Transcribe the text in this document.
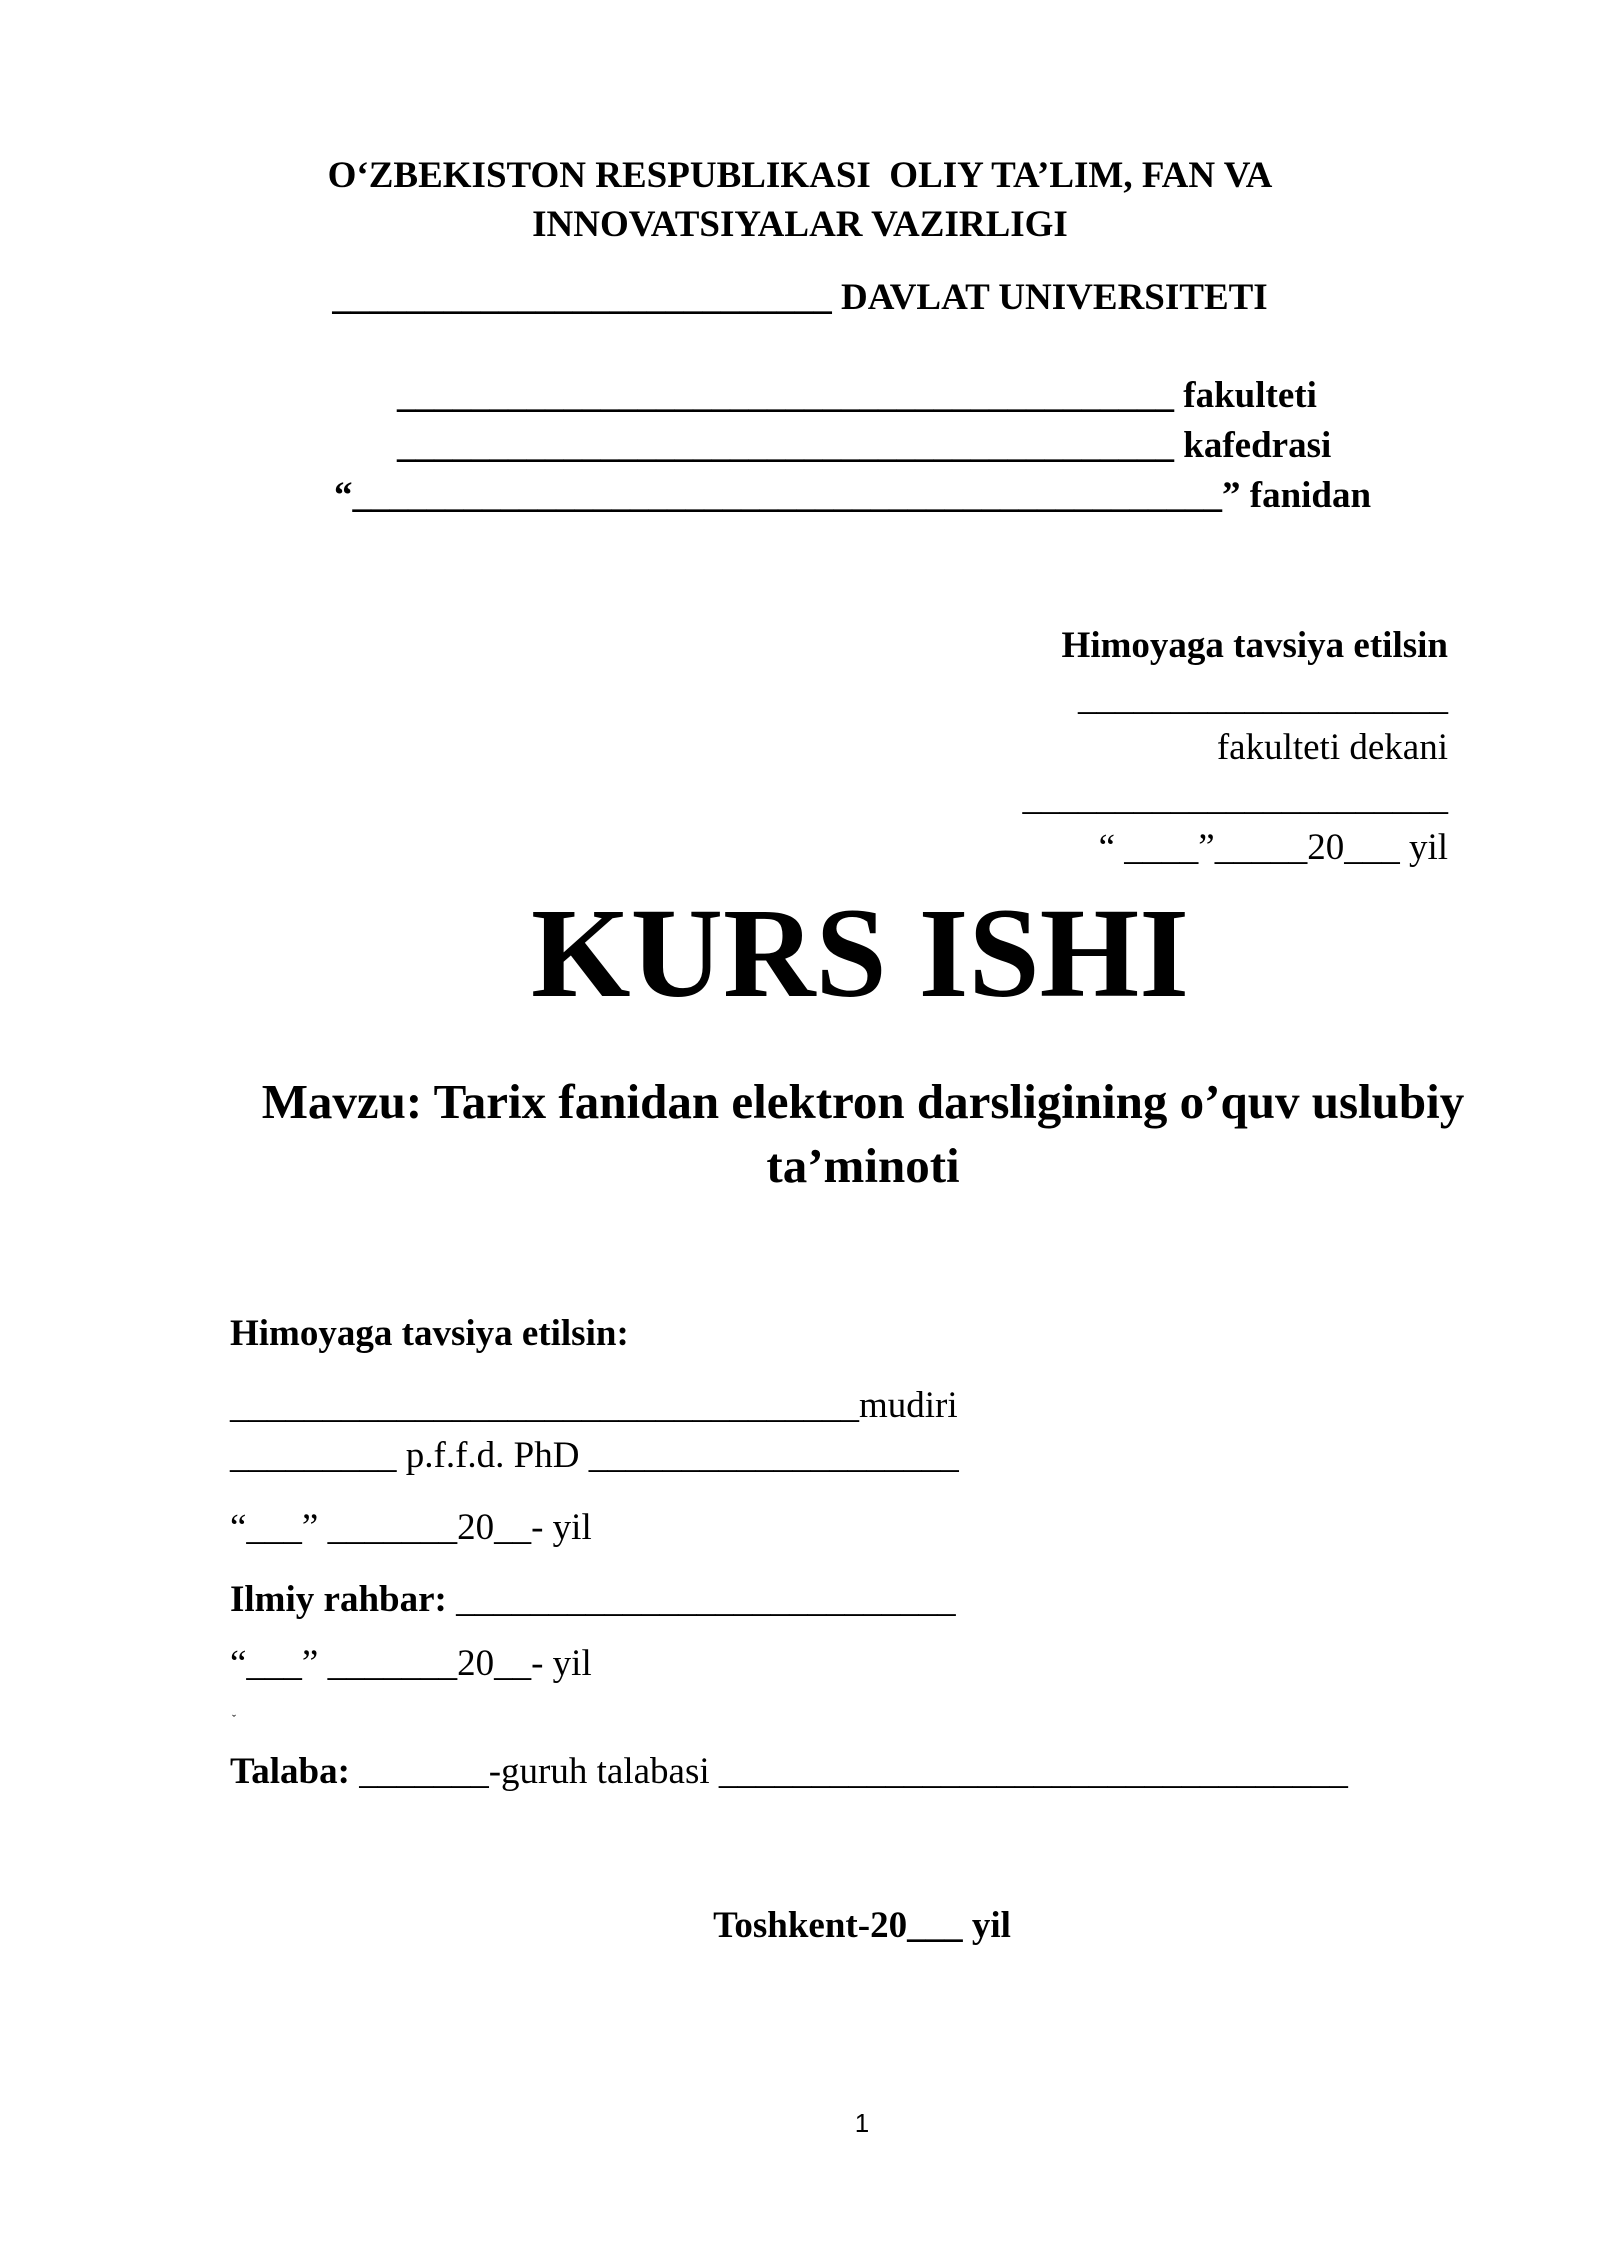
O‘ZBEKISTON RESPUBLIKASI  OLIY TA’LIM, FAN VA

INNOVATSIYALAR VAZIRLIGI

___________________________ DAVLAT UNIVERSITETI

__________________________________________ fakulteti

__________________________________________ kafedrasi

“_______________________________________________” fanidan

Himoyaga tavsiya etilsin

____________________

fakulteti dekani

_______________________

“ ____”_____20___ yil

KURS ISHI

Mavzu: Tarix fanidan elektron darsligining o’quv uslubiy

ta’minoti

Himoyaga tavsiya etilsin:

__________________________________mudiri

_________ p.f.f.d. PhD ____________________

“___” _______20__- yil

Ilmiy rahbar: ___________________________

“___” _______20__- yil

ˇ

Talaba: _______-guruh talabasi __________________________________

Toshkent-20___ yil

1
